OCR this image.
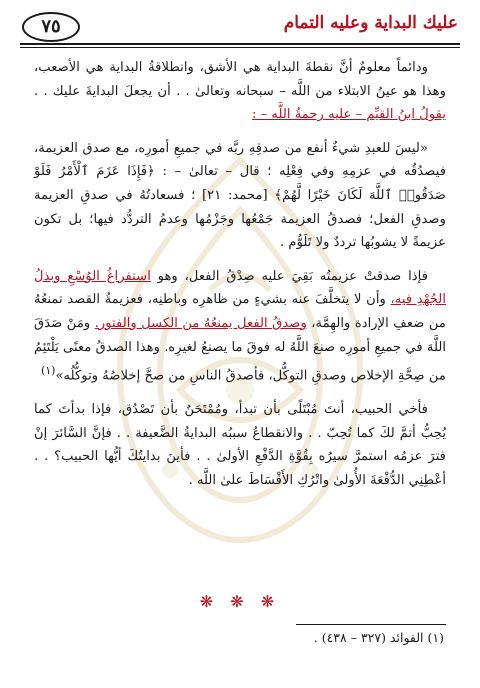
عليك البداية وعليه التمام
٧٥

ودائماً معلومٌ أنَّ نقطةَ البداية هي الأشق، وانطلاقةُ البداية هي الأصعب، وهذا هو عينُ الابتلاء من اللَّه – سبحانه وتعالىٰ . . أن يجعلَ البدايةَ عليك . . يقولُ ابنُ القيِّم – عليه رحمةُ اللَّه – :

«ليسَ للعبدِ شيءٌ أنفع من صدقِهِ ربَّه في جميعِ أمورِه، مع صدق العزيمة، فيصدُقُه في عزمِهِ وفي فِعْلِه ؛ قال – تعالىٰ – : ﴿فَإِذَا عَزَمَ ٱلْأَمْرُ فَلَوْ صَدَقُوا۟ ٱللَّهَ لَكَانَ خَيْرًا لَّهُمْ﴾ [محمد: ٢١] ؛ فسعادتُهُ في صدقِ العزيمة وصدقِ الفعل؛ فصدقُ العزيمة جَمْعُها وجَزْمُها وعدمُ التردُّد فيها؛ بل تكون عزيمةً لا يشوبُها ترددٌ ولا تَلَوُّم .

فإذا صدقتْ عزيمتُه بَقِيَ عليه صِدْقُ الفعل، وهو استفراغُ الوُسْعِ وبذلُ الجُهْدِ فيه، وأن لا يتخلَّفَ عنه بشيءٍ من ظاهرِه وباطنِه، فعزيمةُ القصد تمنعُهُ من ضعفِ الإرادة والهِمَّة، وصدقُ الفعل يمنعُهُ من الكسل والفتور. ومَنْ صَدَقَ اللَّهَ في جميعِ أمورِه صنعَ اللَّهُ له فوقَ ما يصنعُ لغيرِه. وهذا الصدقُ معنًى يَلْتَئِمُ من صِحَّةِ الإخلاص وصدقِ التوكُّل، فأصدقُ الناسِ من صحَّ إخلاصُهُ وتوكُّلُه»$^{(١)}$

فأخي الحبيب، أنتَ مُبْتَلًى بأن تبدأ، ومُمْتَحَنٌ بأن تَصْدُق، فإذا بدأتَ كما يُحِبُّ أتمَّ لكَ كما تُحِبّ . . والانقطاعُ سببُه البدايةُ الضَّعيفة . . فإنَّ السَّائرَ إنْ فترَ عزمُه استمرَّ سيرُه بِقُوَّةِ الدَّفْعِ الأولىٰ . . فأينَ بدايتُكَ أيُّها الحبيب؟ . . أعْطِنِي الدُّفْعَةَ الأُولىٰ واتْرُكِ الأَقْسَاطَ علىٰ اللَّه .

❋ ❋ ❋
(١) الفوائد (٣٢٧ – ٤٣٨) .
